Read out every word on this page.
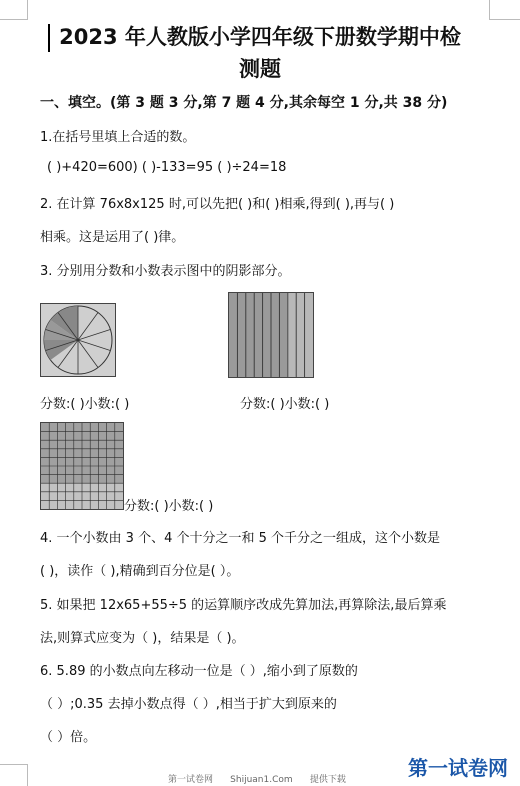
2023 年人教版小学四年级下册数学期中检
测题
一、填空。(第 3 题 3 分,第 7 题 4 分,其余每空 1 分,共 38 分)
1.在括号里填上合适的数。
( )+420=600) ( )-133=95 ( )÷24=18
2. 在计算 76x8x125 时,可以先把( )和( )相乘,得到( ),再与( )
相乘。这是运用了( )律。
3. 分别用分数和小数表示图中的阴影部分。
分数:( )小数:( )	分数:( )小数:( )
分数:( )小数:( )
4. 一个小数由 3 个、4 个十分之一和 5 个千分之一组成，这个小数是
( )，读作（ ),精确到百分位是( ）。
5. 如果把 12x65+55÷5 的运算顺序改成先算加法,再算除法,最后算乘
法,则算式应变为（ )，结果是（ )。
6. 5.89 的小数点向左移动一位是（ ）,缩小到了原数的
（ ）;0.35 去掉小数点得（ ）,相当于扩大到原来的
（ ）倍。
第一试卷网      Shijuan1.Com      提供下载	第一试卷网
